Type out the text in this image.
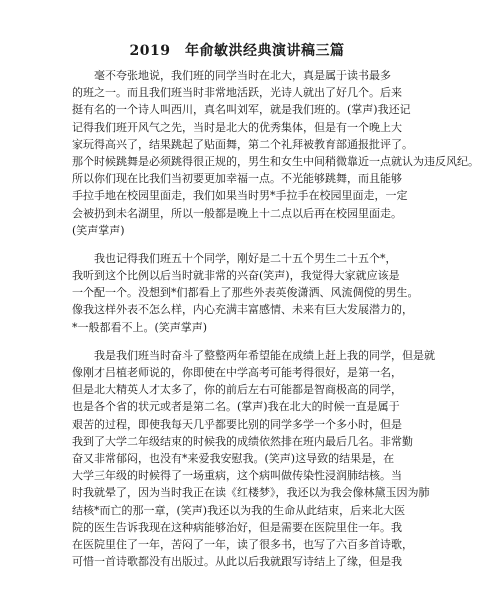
2019　年俞敏洪经典演讲稿三篇
　　毫不夸张地说，我们班的同学当时在北大，真是属于读书最多
的班之一。而且我们班当时非常地活跃，光诗人就出了好几个。后来
挺有名的一个诗人叫西川，真名叫刘军，就是我们班的。(掌声)我还记
记得我们班开风气之先，当时是北大的优秀集体，但是有一个晚上大
家玩得高兴了，结果跳起了贴面舞，第二个礼拜被教育部通报批评了。
那个时候跳舞是必须跳得很正规的，男生和女生中间稍微靠近一点就认为违反风纪。
所以你们现在比我们当初要更加幸福一点。不光能够跳舞，而且能够
手拉手地在校园里面走，我们如果当时男*手拉手在校园里面走，一定
会被扔到未名湖里，所以一般都是晚上十二点以后再在校园里面走。
(笑声掌声)
　　我也记得我们班五十个同学，刚好是二十五个男生二十五个*，
我听到这个比例以后当时就非常的兴奋(笑声)，我觉得大家就应该是
一个配一个。没想到*们都看上了那些外表英俊潇洒、风流倜傥的男生。
像我这样外表不怎么样，内心充满丰富感情、未来有巨大发展潜力的，
*一般都看不上。(笑声掌声)
　　我是我们班当时奋斗了整整两年希望能在成绩上赶上我的同学，但是就
像刚才吕植老师说的，你即使在中学高考可能考得很好，是第一名，
但是北大精英人才太多了，你的前后左右可能都是智商极高的同学，
也是各个省的状元或者是第二名。(掌声)我在北大的时候一直是属于
艰苦的过程，即使我每天几乎都要比别的同学多学一个多小时，但是
我到了大学二年级结束的时候我的成绩依然排在班内最后几名。非常勤
奋又非常郁闷，也没有*来爱我安慰我。(笑声)这导致的结果是，在
大学三年级的时候得了一场重病，这个病叫做传染性浸润肺结核。当
时我就晕了，因为当时我正在读《红楼梦》，我还以为我会像林黛玉因为肺
结核*而亡的那一章，(笑声)我还以为我的生命从此结束，后来北大医
院的医生告诉我现在这种病能够治好，但是需要在医院里住一年。我
在医院里住了一年，苦闷了一年，读了很多书，也写了六百多首诗歌，
可惜一首诗歌都没有出版过。从此以后我就跟写诗结上了缘，但是我
